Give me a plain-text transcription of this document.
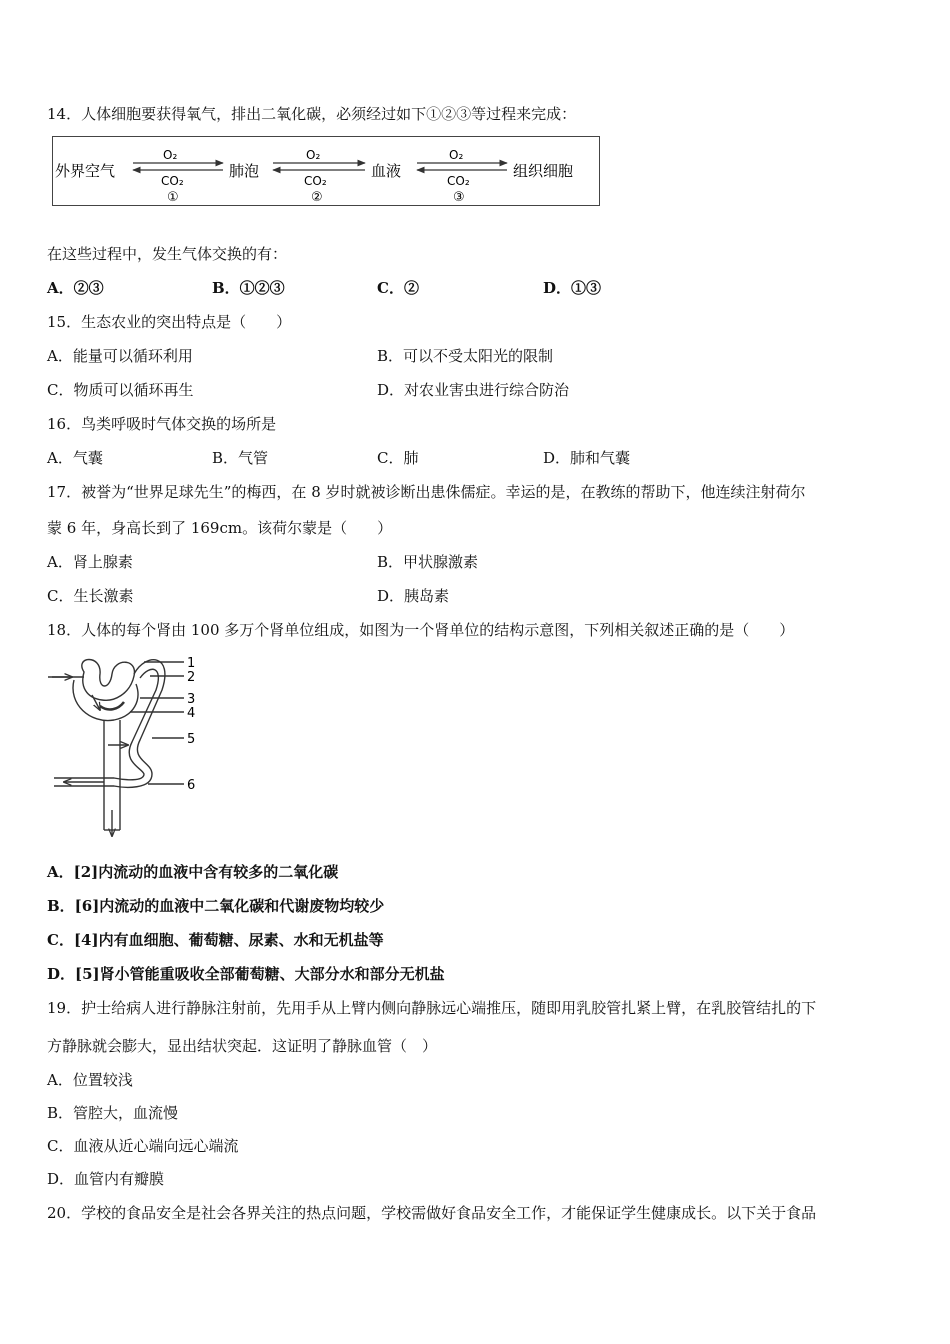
14．人体细胞要获得氧气，排出二氧化碳，必须经过如下①②③等过程来完成：
外界空气	肺泡	血液	组织细胞
O₂
CO₂
①
O₂
CO₂
②
O₂
CO₂
③
在这些过程中，发生气体交换的有：
A．②③	B．①②③	C．②	D．①③
15．生态农业的突出特点是（　　）
A．能量可以循环利用	B．可以不受太阳光的限制
C．物质可以循环再生	D．对农业害虫进行综合防治
16．鸟类呼吸时气体交换的场所是
A．气囊	B．气管	C．肺	D．肺和气囊
17．被誉为“世界足球先生”的梅西，在 8 岁时就被诊断出患侏儒症。幸运的是，在教练的帮助下，他连续注射荷尔
蒙 6 年，身高长到了 169cm。该荷尔蒙是（　　）
A．肾上腺素	B．甲状腺激素
C．生长激素	D．胰岛素
18．人体的每个肾由 100 多万个肾单位组成，如图为一个肾单位的结构示意图，下列相关叙述正确的是（　　）
1
2
3
4
5
6
A．[2]内流动的血液中含有较多的二氧化碳
B．[6]内流动的血液中二氧化碳和代谢废物均较少
C．[4]内有血细胞、葡萄糖、尿素、水和无机盐等
D．[5]肾小管能重吸收全部葡萄糖、大部分水和部分无机盐
19．护士给病人进行静脉注射前，先用手从上臂内侧向静脉远心端推压，随即用乳胶管扎紧上臂，在乳胶管结扎的下
方静脉就会膨大，显出结状突起．这证明了静脉血管（　）
A．位置较浅
B．管腔大，血流慢
C．血液从近心端向远心端流
D．血管内有瓣膜
20．学校的食品安全是社会各界关注的热点问题，学校需做好食品安全工作，才能保证学生健康成长。以下关于食品
